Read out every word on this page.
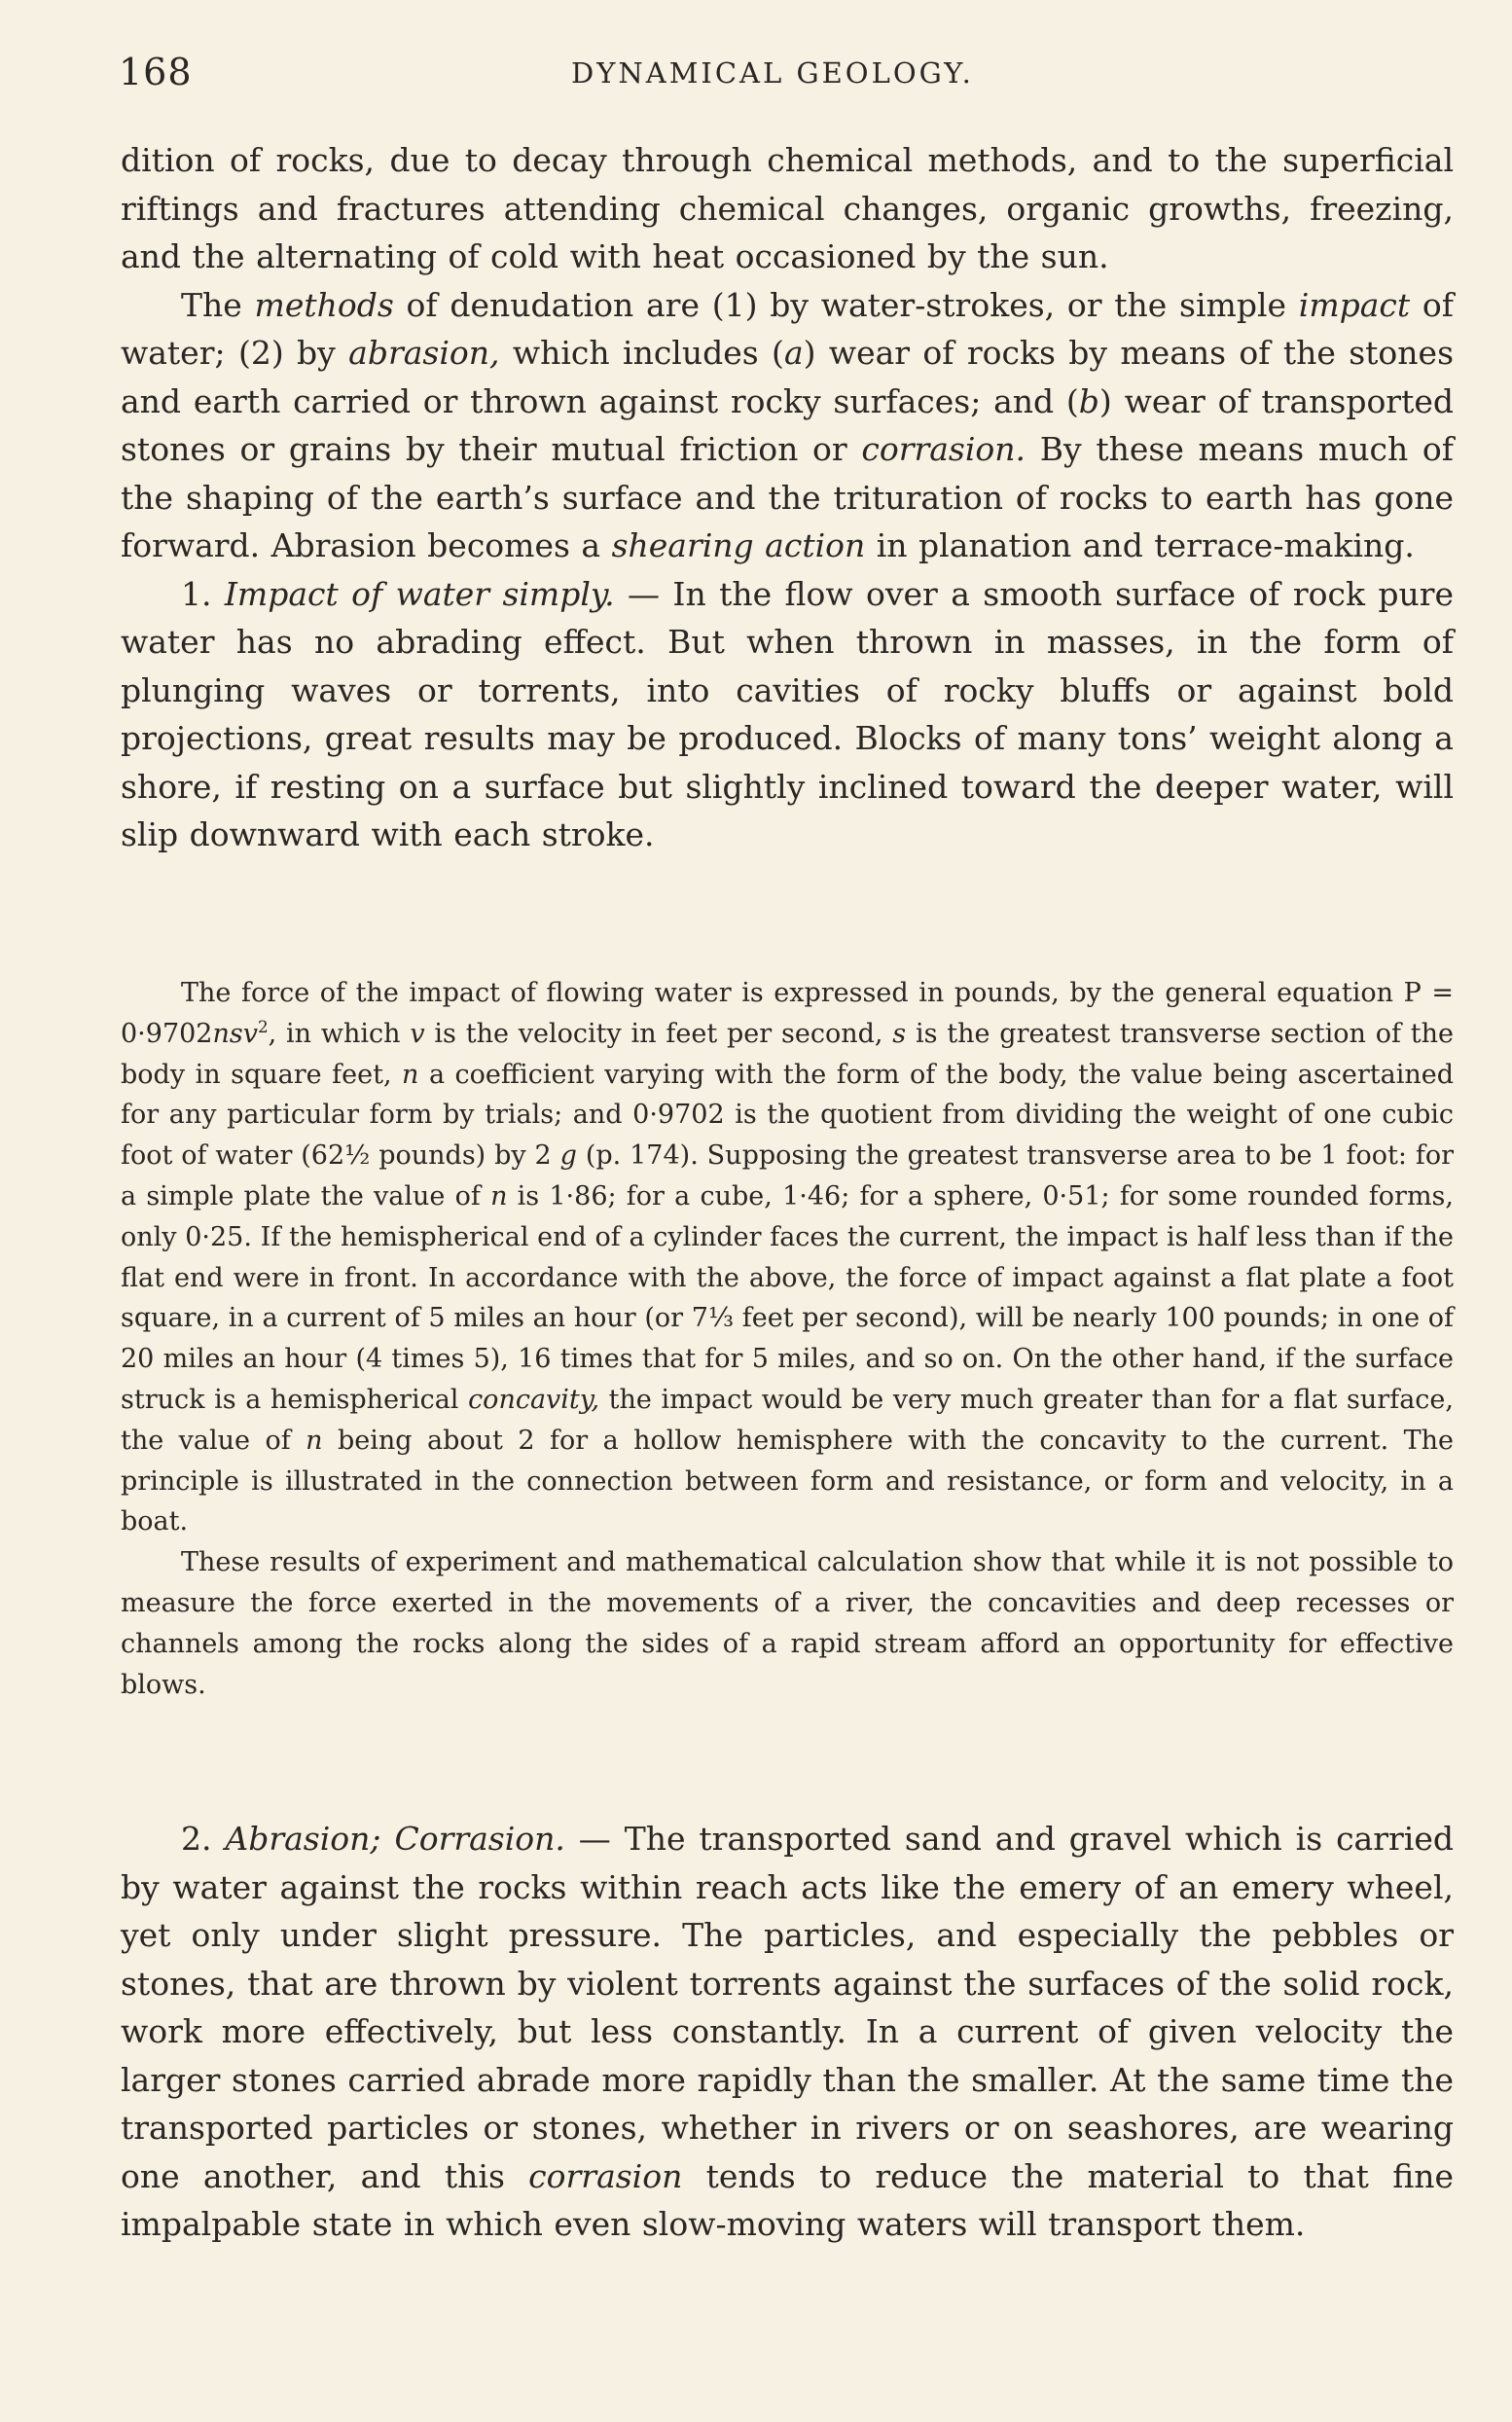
168	DYNAMICAL GEOLOGY.

dition of rocks, due to decay through chemical methods, and to the superficial riftings and fractures attending chemical changes, organic growths, freezing, and the alternating of cold with heat occasioned by the sun.

The methods of denudation are (1) by water-strokes, or the simple impact of water; (2) by abrasion, which includes (a) wear of rocks by means of the stones and earth carried or thrown against rocky surfaces; and (b) wear of transported stones or grains by their mutual friction or corrasion. By these means much of the shaping of the earth’s surface and the trituration of rocks to earth has gone forward. Abrasion becomes a shearing action in planation and terrace-making.

1. Impact of water simply. — In the flow over a smooth surface of rock pure water has no abrading effect. But when thrown in masses, in the form of plunging waves or torrents, into cavities of rocky bluffs or against bold projections, great results may be produced. Blocks of many tons’ weight along a shore, if resting on a surface but slightly inclined toward the deeper water, will slip downward with each stroke.

The force of the impact of flowing water is expressed in pounds, by the general equation P = 0·9702nsv$^2$, in which v is the velocity in feet per second, s is the greatest transverse section of the body in square feet, n a coefficient varying with the form of the body, the value being ascertained for any particular form by trials; and 0·9702 is the quotient from dividing the weight of one cubic foot of water (62½ pounds) by 2 g (p. 174). Supposing the greatest transverse area to be 1 foot: for a simple plate the value of n is 1·86; for a cube, 1·46; for a sphere, 0·51; for some rounded forms, only 0·25. If the hemispherical end of a cylinder faces the current, the impact is half less than if the flat end were in front. In accordance with the above, the force of impact against a flat plate a foot square, in a current of 5 miles an hour (or 7⅓ feet per second), will be nearly 100 pounds; in one of 20 miles an hour (4 times 5), 16 times that for 5 miles, and so on. On the other hand, if the surface struck is a hemispherical concavity, the impact would be very much greater than for a flat surface, the value of n being about 2 for a hollow hemisphere with the concavity to the current. The principle is illustrated in the connection between form and resistance, or form and velocity, in a boat.

These results of experiment and mathematical calculation show that while it is not possible to measure the force exerted in the movements of a river, the concavities and deep recesses or channels among the rocks along the sides of a rapid stream afford an opportunity for effective blows.

2. Abrasion; Corrasion. — The transported sand and gravel which is carried by water against the rocks within reach acts like the emery of an emery wheel, yet only under slight pressure. The particles, and especially the pebbles or stones, that are thrown by violent torrents against the surfaces of the solid rock, work more effectively, but less constantly. In a current of given velocity the larger stones carried abrade more rapidly than the smaller. At the same time the transported particles or stones, whether in rivers or on seashores, are wearing one another, and this corrasion tends to reduce the material to that fine impalpable state in which even slow-moving waters will transport them.
